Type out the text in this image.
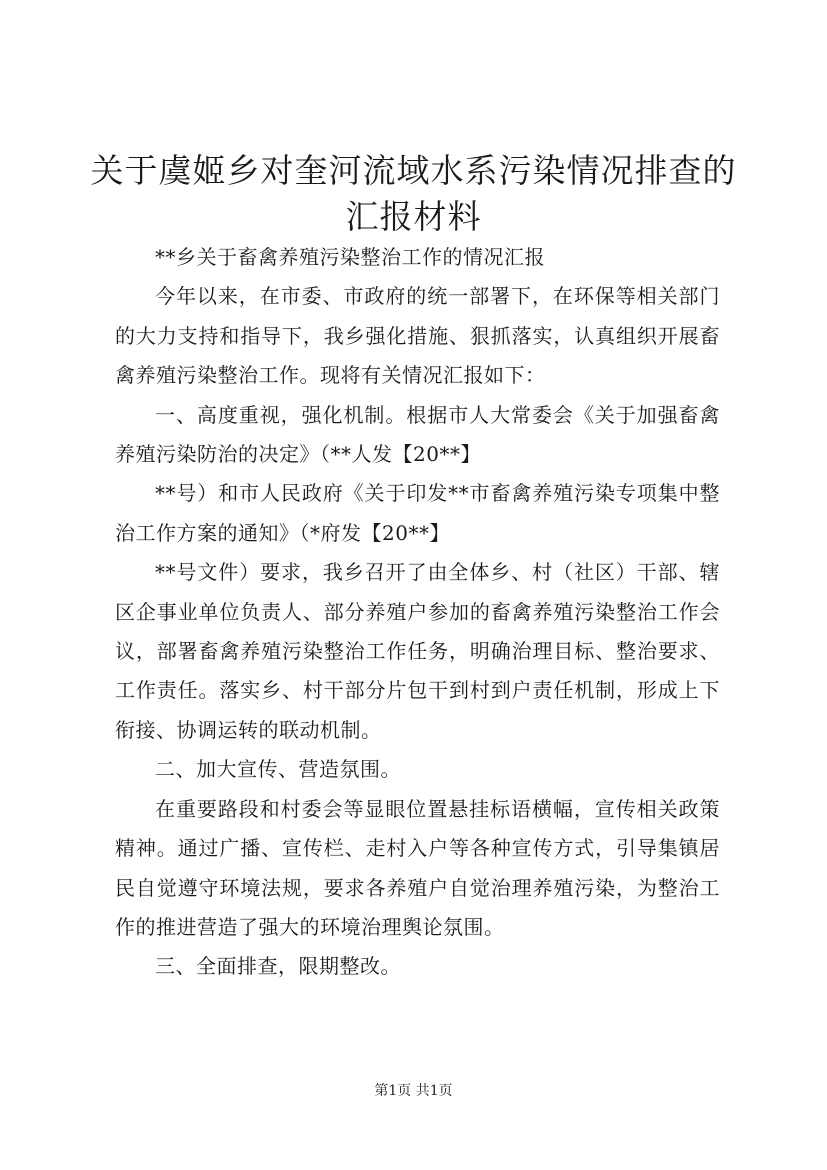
关于虞姬乡对奎河流域水系污染情况排查的汇报材料

**乡关于畜禽养殖污染整治工作的情况汇报

今年以来，在市委、市政府的统一部署下，在环保等相关部门的大力支持和指导下，我乡强化措施、狠抓落实，认真组织开展畜禽养殖污染整治工作。现将有关情况汇报如下：

一、高度重视，强化机制。根据市人大常委会《关于加强畜禽养殖污染防治的决定》（**人发【20**】

**号）和市人民政府《关于印发**市畜禽养殖污染专项集中整治工作方案的通知》（*府发【20**】

**号文件）要求，我乡召开了由全体乡、村（社区）干部、辖区企事业单位负责人、部分养殖户参加的畜禽养殖污染整治工作会议，部署畜禽养殖污染整治工作任务，明确治理目标、整治要求、工作责任。落实乡、村干部分片包干到村到户责任机制，形成上下衔接、协调运转的联动机制。

二、加大宣传、营造氛围。

在重要路段和村委会等显眼位置悬挂标语横幅，宣传相关政策精神。通过广播、宣传栏、走村入户等各种宣传方式，引导集镇居民自觉遵守环境法规，要求各养殖户自觉治理养殖污染，为整治工作的推进营造了强大的环境治理舆论氛围。

三、全面排查，限期整改。

第1页 共1页
